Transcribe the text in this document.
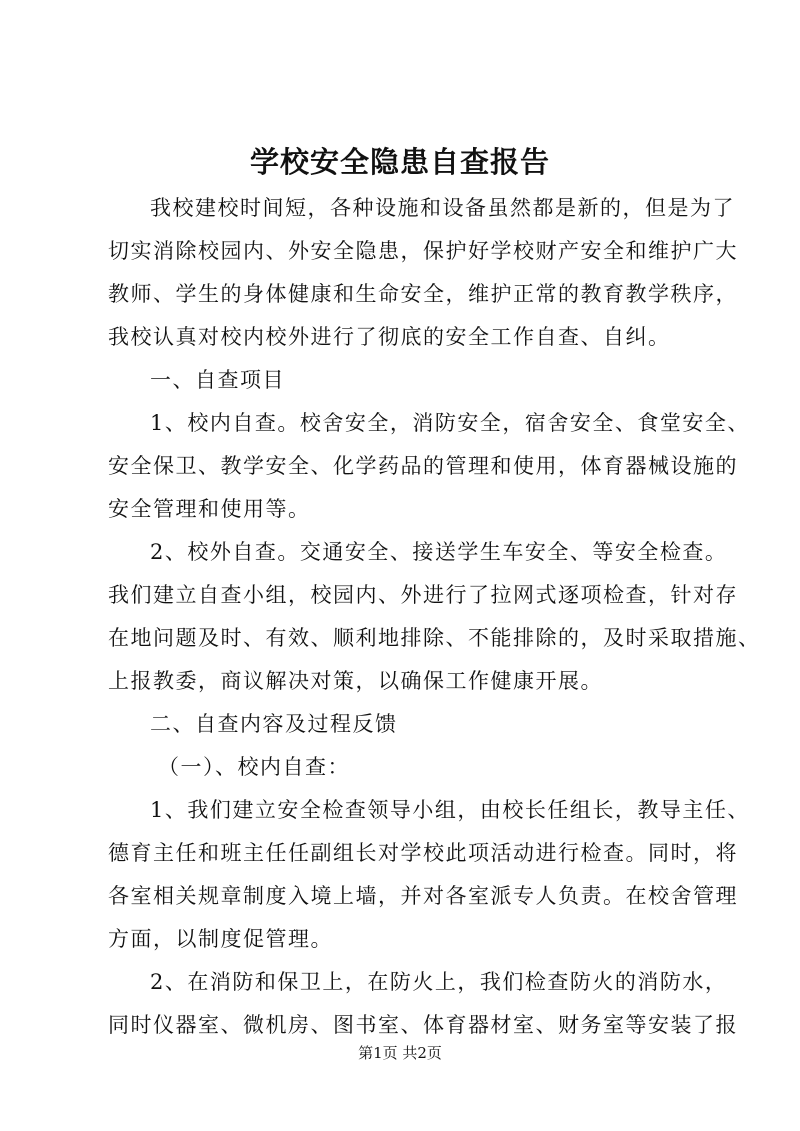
学校安全隐患自查报告
我校建校时间短，各种设施和设备虽然都是新的，但是为了
切实消除校园内、外安全隐患，保护好学校财产安全和维护广大
教师、学生的身体健康和生命安全，维护正常的教育教学秩序，
我校认真对校内校外进行了彻底的安全工作自查、自纠。
一、自查项目
1、校内自查。校舍安全，消防安全，宿舍安全、食堂安全、
安全保卫、教学安全、化学药品的管理和使用，体育器械设施的
安全管理和使用等。
2、校外自查。交通安全、接送学生车安全、等安全检查。
我们建立自查小组，校园内、外进行了拉网式逐项检查，针对存
在地问题及时、有效、顺利地排除、不能排除的，及时采取措施、
上报教委，商议解决对策，以确保工作健康开展。
二、自查内容及过程反馈
（一）、校内自查：
1、我们建立安全检查领导小组，由校长任组长，教导主任、
德育主任和班主任任副组长对学校此项活动进行检查。同时，将
各室相关规章制度入境上墙，并对各室派专人负责。在校舍管理
方面，以制度促管理。
2、在消防和保卫上，在防火上，我们检查防火的消防水，
同时仪器室、微机房、图书室、体育器材室、财务室等安装了报
第1页 共2页
